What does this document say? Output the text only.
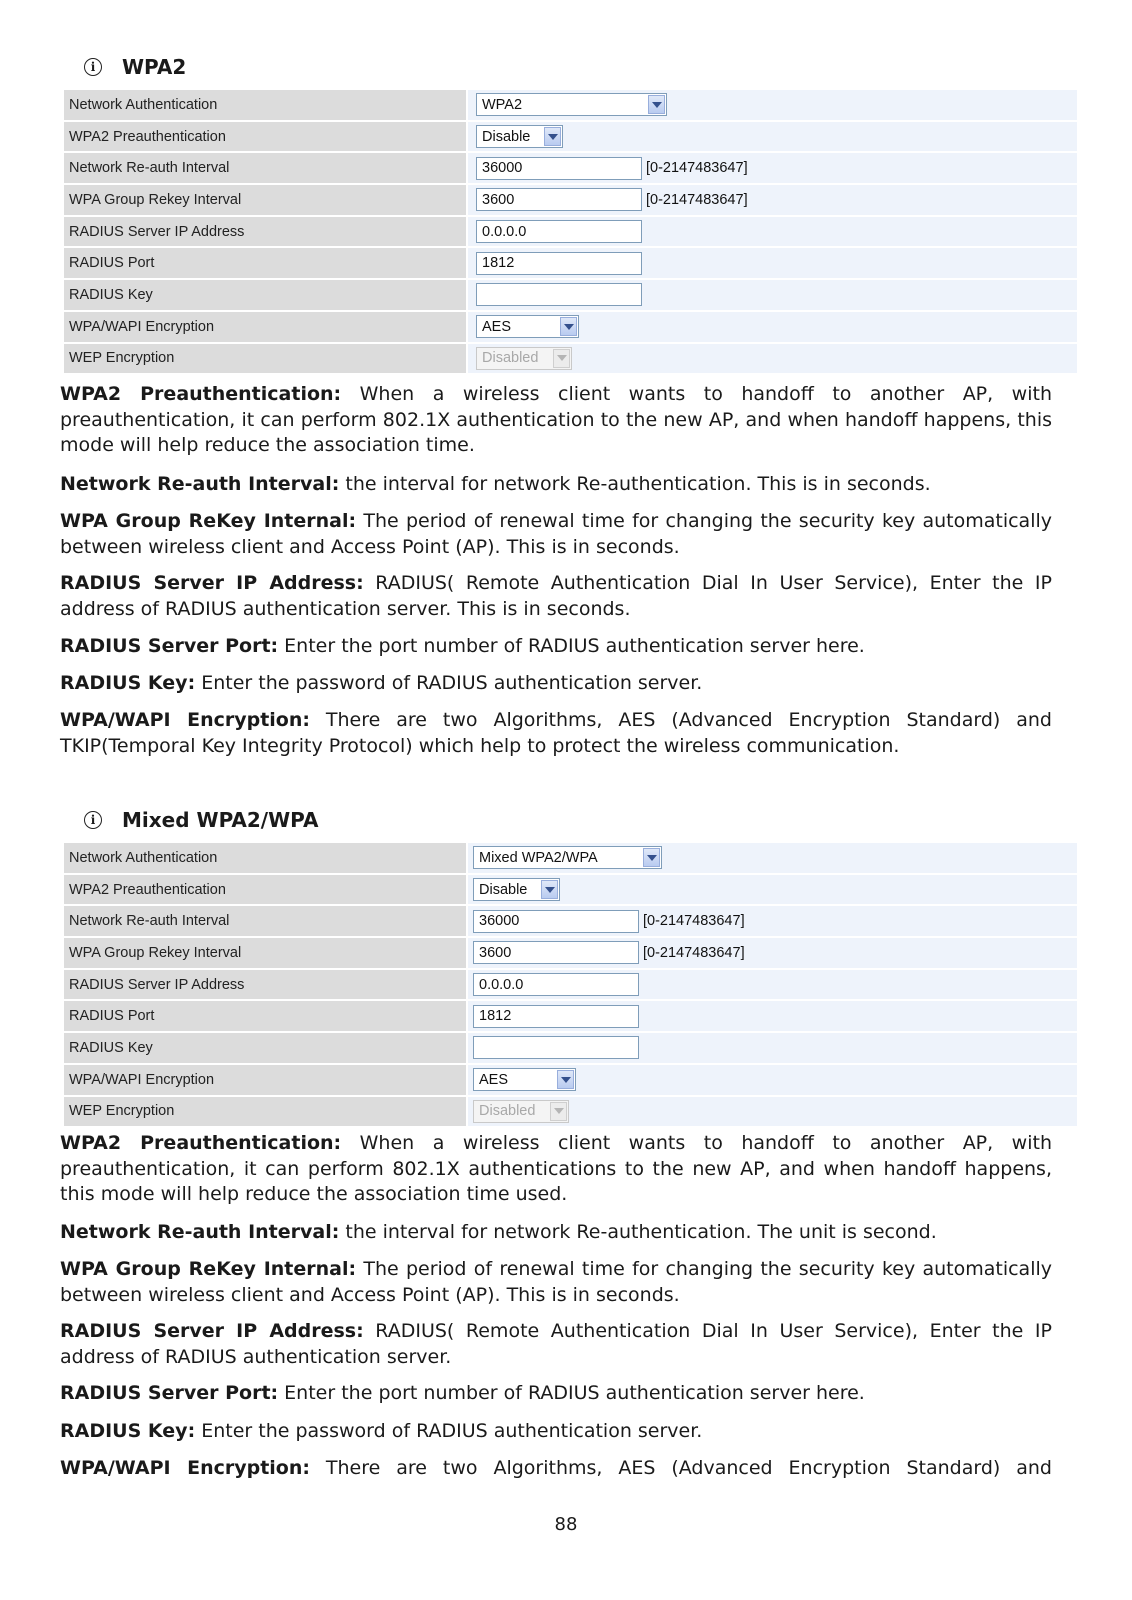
i	WPA2
Network Authentication	WPA2
WPA2 Preauthentication	Disable
Network Re-auth Interval	36000	[0-2147483647]
WPA Group Rekey Interval	3600	[0-2147483647]
RADIUS Server IP Address	0.0.0.0
RADIUS Port	1812
RADIUS Key
WPA/WAPI Encryption	AES
WEP Encryption	Disabled

WPA2 Preauthentication: When a wireless client wants to handoff to another AP, with preauthentication, it can perform 802.1X authentication to the new AP, and when handoff happens, this mode will help reduce the association time.

Network Re-auth Interval: the interval for network Re-authentication. This is in seconds.

WPA Group ReKey Internal: The period of renewal time for changing the security key automatically between wireless client and Access Point (AP). This is in seconds.

RADIUS Server IP Address: RADIUS( Remote Authentication Dial In User Service), Enter the IP address of RADIUS authentication server. This is in seconds.

RADIUS Server Port: Enter the port number of RADIUS authentication server here.

RADIUS Key: Enter the password of RADIUS authentication server.

WPA/WAPI Encryption: There are two Algorithms, AES (Advanced Encryption Standard) and TKIP(Temporal Key Integrity Protocol) which help to protect the wireless communication.

i	Mixed WPA2/WPA
Network Authentication	Mixed WPA2/WPA
WPA2 Preauthentication	Disable
Network Re-auth Interval	36000	[0-2147483647]
WPA Group Rekey Interval	3600	[0-2147483647]
RADIUS Server IP Address	0.0.0.0
RADIUS Port	1812
RADIUS Key
WPA/WAPI Encryption	AES
WEP Encryption	Disabled

WPA2 Preauthentication: When a wireless client wants to handoff to another AP, with preauthentication, it can perform 802.1X authentications to the new AP, and when handoff happens, this mode will help reduce the association time used.

Network Re-auth Interval: the interval for network Re-authentication. The unit is second.

WPA Group ReKey Internal: The period of renewal time for changing the security key automatically between wireless client and Access Point (AP). This is in seconds.

RADIUS Server IP Address: RADIUS( Remote Authentication Dial In User Service), Enter the IP address of RADIUS authentication server.

RADIUS Server Port: Enter the port number of RADIUS authentication server here.

RADIUS Key: Enter the password of RADIUS authentication server.

WPA/WAPI Encryption: There are two Algorithms, AES (Advanced Encryption Standard) and

88
